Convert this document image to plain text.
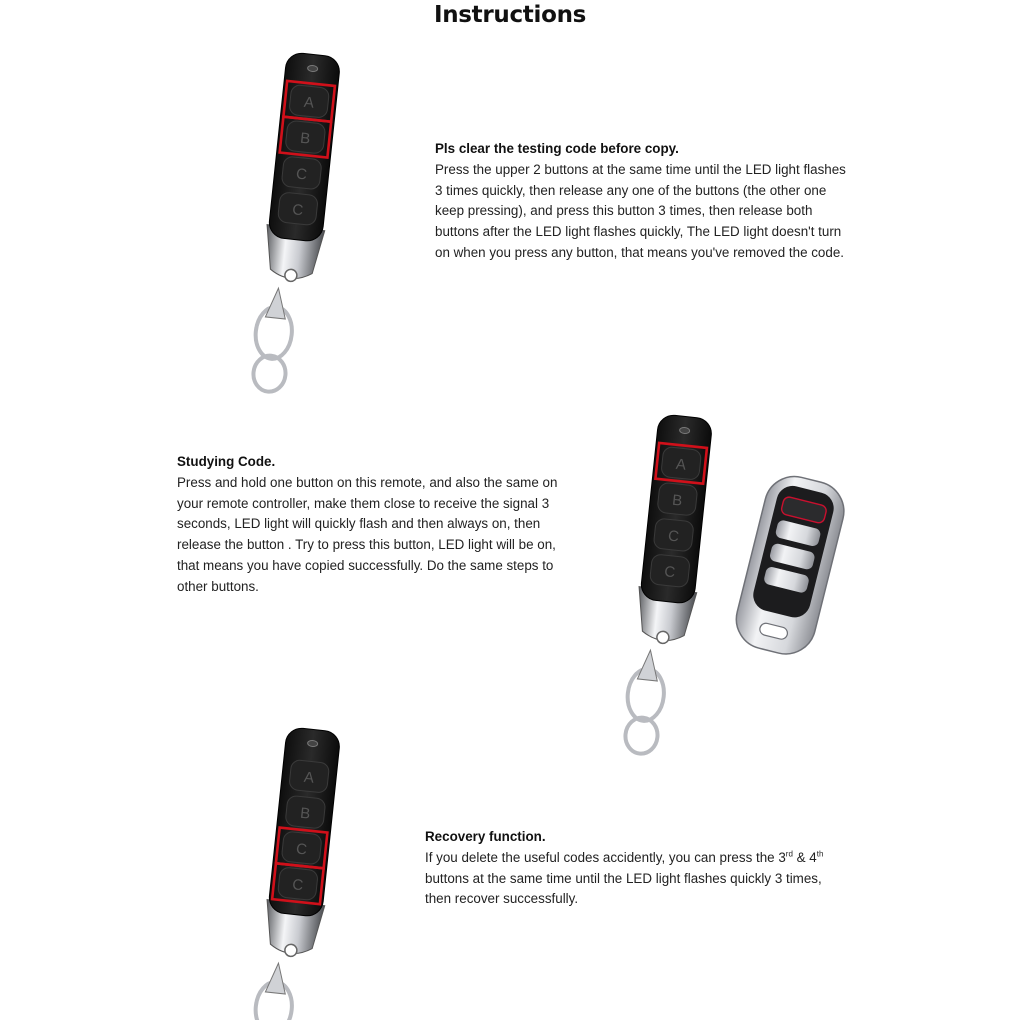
Instructions
Pls clear the testing code before copy.
Press the upper 2 buttons at the same time until the LED light flashes
3 times quickly, then release any one of the buttons (the other one
keep pressing), and press this button 3 times, then release both
buttons after the LED light flashes quickly, The LED light doesn't turn
on when you press any button, that means you've removed the code.
Studying Code.
Press and hold one button on this remote, and also the same on
your remote controller, make them close to receive the signal 3
seconds, LED light will quickly flash and then always on, then
release the button . Try to press this button, LED light will be on,
that means you have copied successfully. Do the same steps to
other buttons.
Recovery function.
If you delete the useful codes accidently, you can press the 3rd & 4th
buttons at the same time until the LED light flashes quickly 3 times,
then recover successfully.
A
B
C
C
A
B
C
C
A
B
C
C
